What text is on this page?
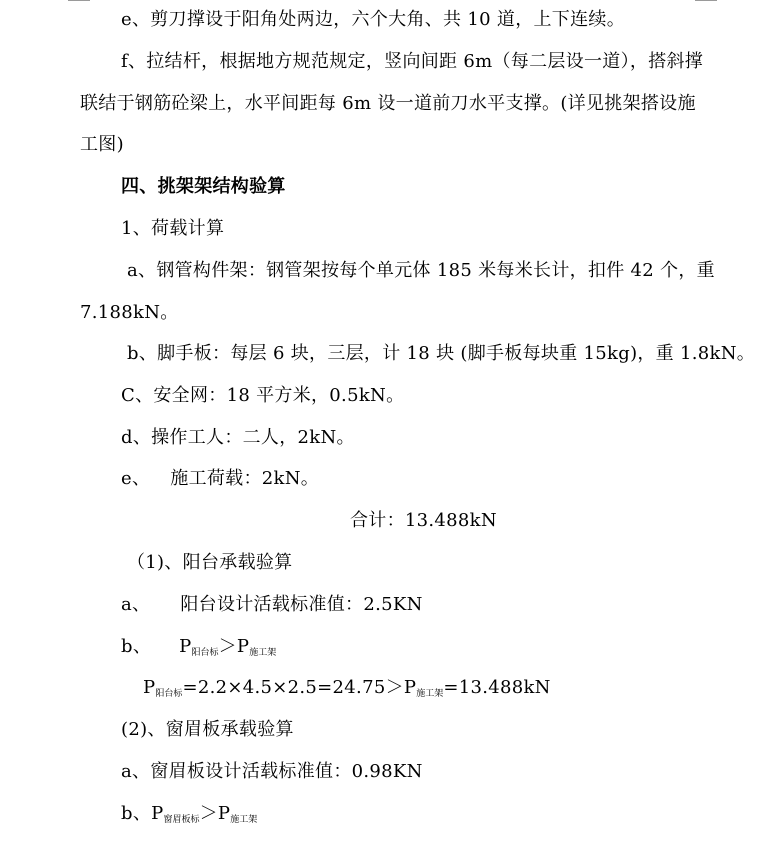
e、剪刀撑设于阳角处两边，六个大角、共 10 道，上下连续。
f、拉结杆，根据地方规范规定，竖向间距 6m（每二层设一道），搭斜撑
联结于钢筋砼梁上，水平间距每 6m 设一道前刀水平支撑。(详见挑架搭设施
工图)
四、挑架架结构验算
1、荷载计算
a、钢管构件架：钢管架按每个单元体 185 米每米长计，扣件 42 个，重
7.188kN。
b、脚手板：每层 6 块，三层，计 18 块 (脚手板每块重 15kg)，重 1.8kN。
C、安全网：18 平方米，0.5kN。
d、操作工人：二人，2kN。
e、 施工荷载：2kN。
合计：13.488kN
（1)、阳台承载验算
a、 阳台设计活载标准值：2.5KN
b、 P阳台标＞P施工架
P阳台标=2.2×4.5×2.5=24.75＞P施工架=13.488kN
(2)、窗眉板承载验算
a、窗眉板设计活载标准值：0.98KN
b、P窗眉板标＞P施工架
